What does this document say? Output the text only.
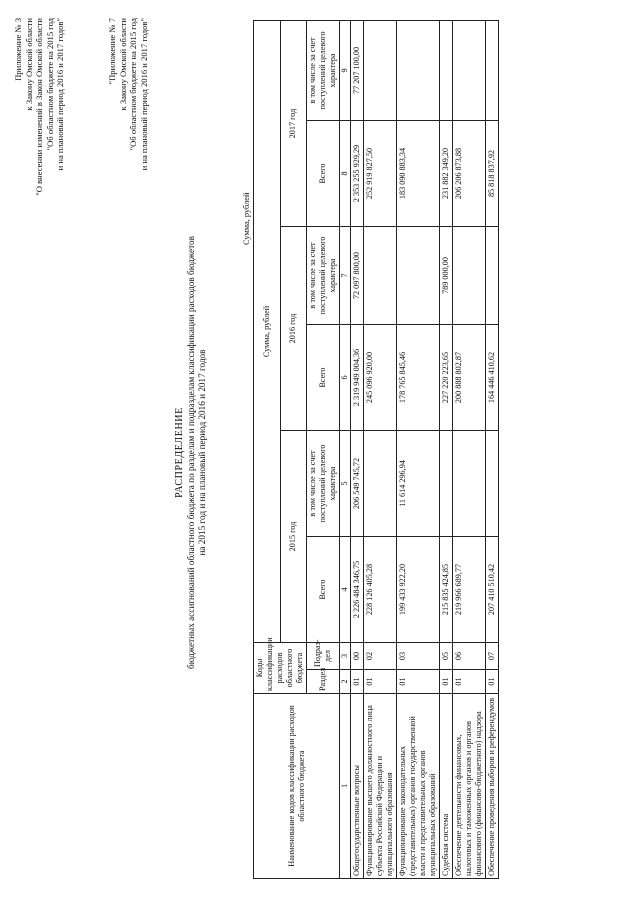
Приложение № 3 к Закону Омской области "О внесении изменений в Закон Омской области "Об областном бюджете на 2015 год и на плановый период 2016 и 2017 годов"	"Приложение № 7 к Закону Омской области "Об областном бюджете на 2015 год и на плановый период 2016 и 2017 годов"
РАСПРЕДЕЛЕНИЕ бюджетных ассигнований областного бюджета по разделам и подразделам классификации расходов бюджетов на 2015 год и на плановый период 2016 и 2017 годов
Сумма, рублей
Наименование кодов классификации расходов областного бюджета	Коды классификации расходов областного бюджета		Сумма, рублей					
			2015 год		2016 год		2017 год	
	Раздел	Подраз-дел	Всего	в том числе за счет поступлений целевого характера	Всего	в том числе за счет поступлений целевого характера	Всего	в том числе за счет поступлений целевого характера
1	2	3	4	5	6	7	8	9
Общегосударственные вопросы	01	00	2 226 484 346,75	206 549 745,72	2 319 949 004,36	72 097 800,00	2 353 255 929,29	77 207 100,00
Функционирование высшего должностного лица субъекта Российской Федерации и муниципального образования	01	02	228 126 405,28		245 096 920,00		252 919 827,50	
Функционирование законодательных (представительных) органов государственной власти и представительных органов муниципальных образований	01	03	199 433 922,20	11 614 296,94	178 765 845,46		183 090 883,34	
Судебная система	01	05	215 835 424,85		227 220 223,65	789 000,00	231 882 349,20	
Обеспечение деятельности финансовых, налоговых и таможенных органов и органов финансового (финансово-бюджетного) надзора	01	06	219 966 689,77		200 888 802,87		206 206 873,88	
Обеспечение проведения выборов и референдумов	01	07	207 410 510,42		164 446 410,62		85 818 837,92	
